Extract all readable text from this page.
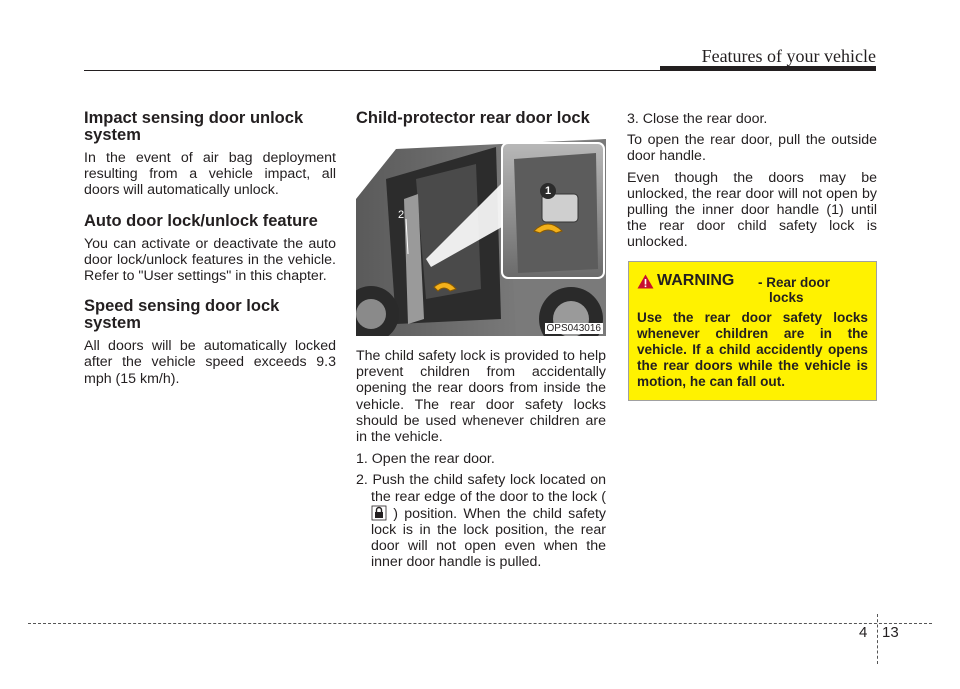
Features of your vehicle
Impact sensing door unlock system

In the event of air bag deployment resulting from a vehicle impact, all doors will automatically unlock.

Auto door lock/unlock feature

You can activate or deactivate the auto door lock/unlock features in the vehicle. Refer to "User settings" in this chapter.

Speed sensing door lock system

All doors will be automatically locked after the vehicle speed exceeds 9.3 mph (15 km/h).

Child-protector rear door lock
1
2
OPS043016

The child safety lock is provided to help prevent children from accidentally opening the rear doors from inside the vehicle. The rear door safety locks should be used whenever children are in the vehicle.

1. Open the rear door.

2. Push the child safety lock located on the rear edge of the door to the lock (  ) position. When the child safety lock is in the lock position, the rear door will not open even when the inner door handle is pulled.

3. Close the rear door.

To open the rear door, pull the outside door handle.

Even though the doors may be unlocked, the rear door will not open by pulling the inner door handle (1) until the rear door child safety lock is unlocked.

WARNING - Rear door
locks

Use the rear door safety locks whenever children are in the vehicle. If a child accidently opens the rear doors while the vehicle is motion, he can fall out.

4 13
